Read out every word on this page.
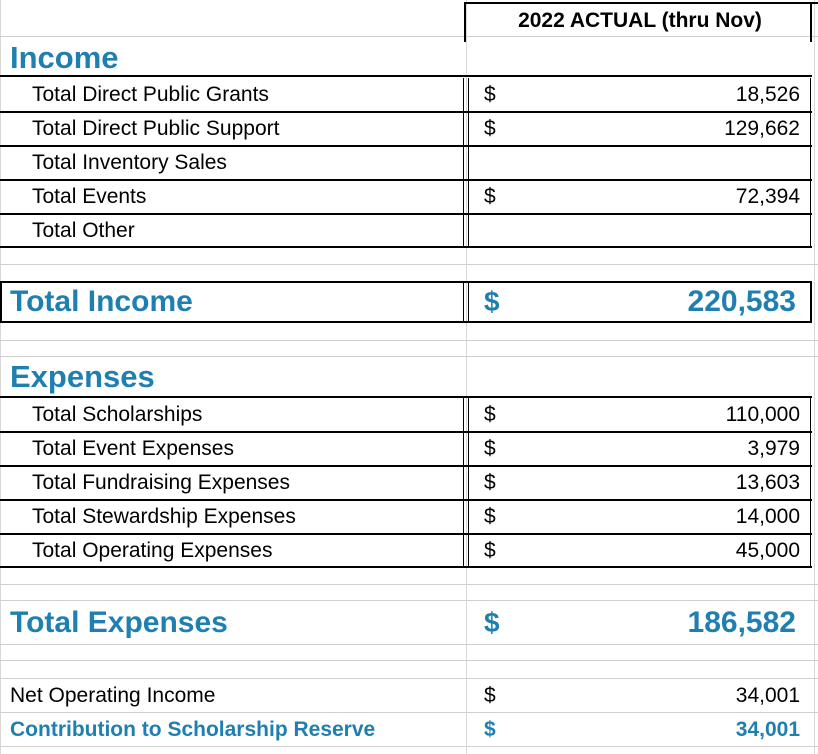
2022 ACTUAL (thru Nov)
Income
Total Direct Public Grants	$	18,526
Total Direct Public Support	$	129,662
Total Inventory Sales
Total Events	$	72,394
Total Other
Total Income	$	220,583
Expenses
Total Scholarships	$	110,000
Total Event Expenses	$	3,979
Total Fundraising Expenses	$	13,603
Total Stewardship Expenses	$	14,000
Total Operating Expenses	$	45,000
Total Expenses	$	186,582
Net Operating Income	$	34,001
Contribution to Scholarship Reserve	$	34,001
